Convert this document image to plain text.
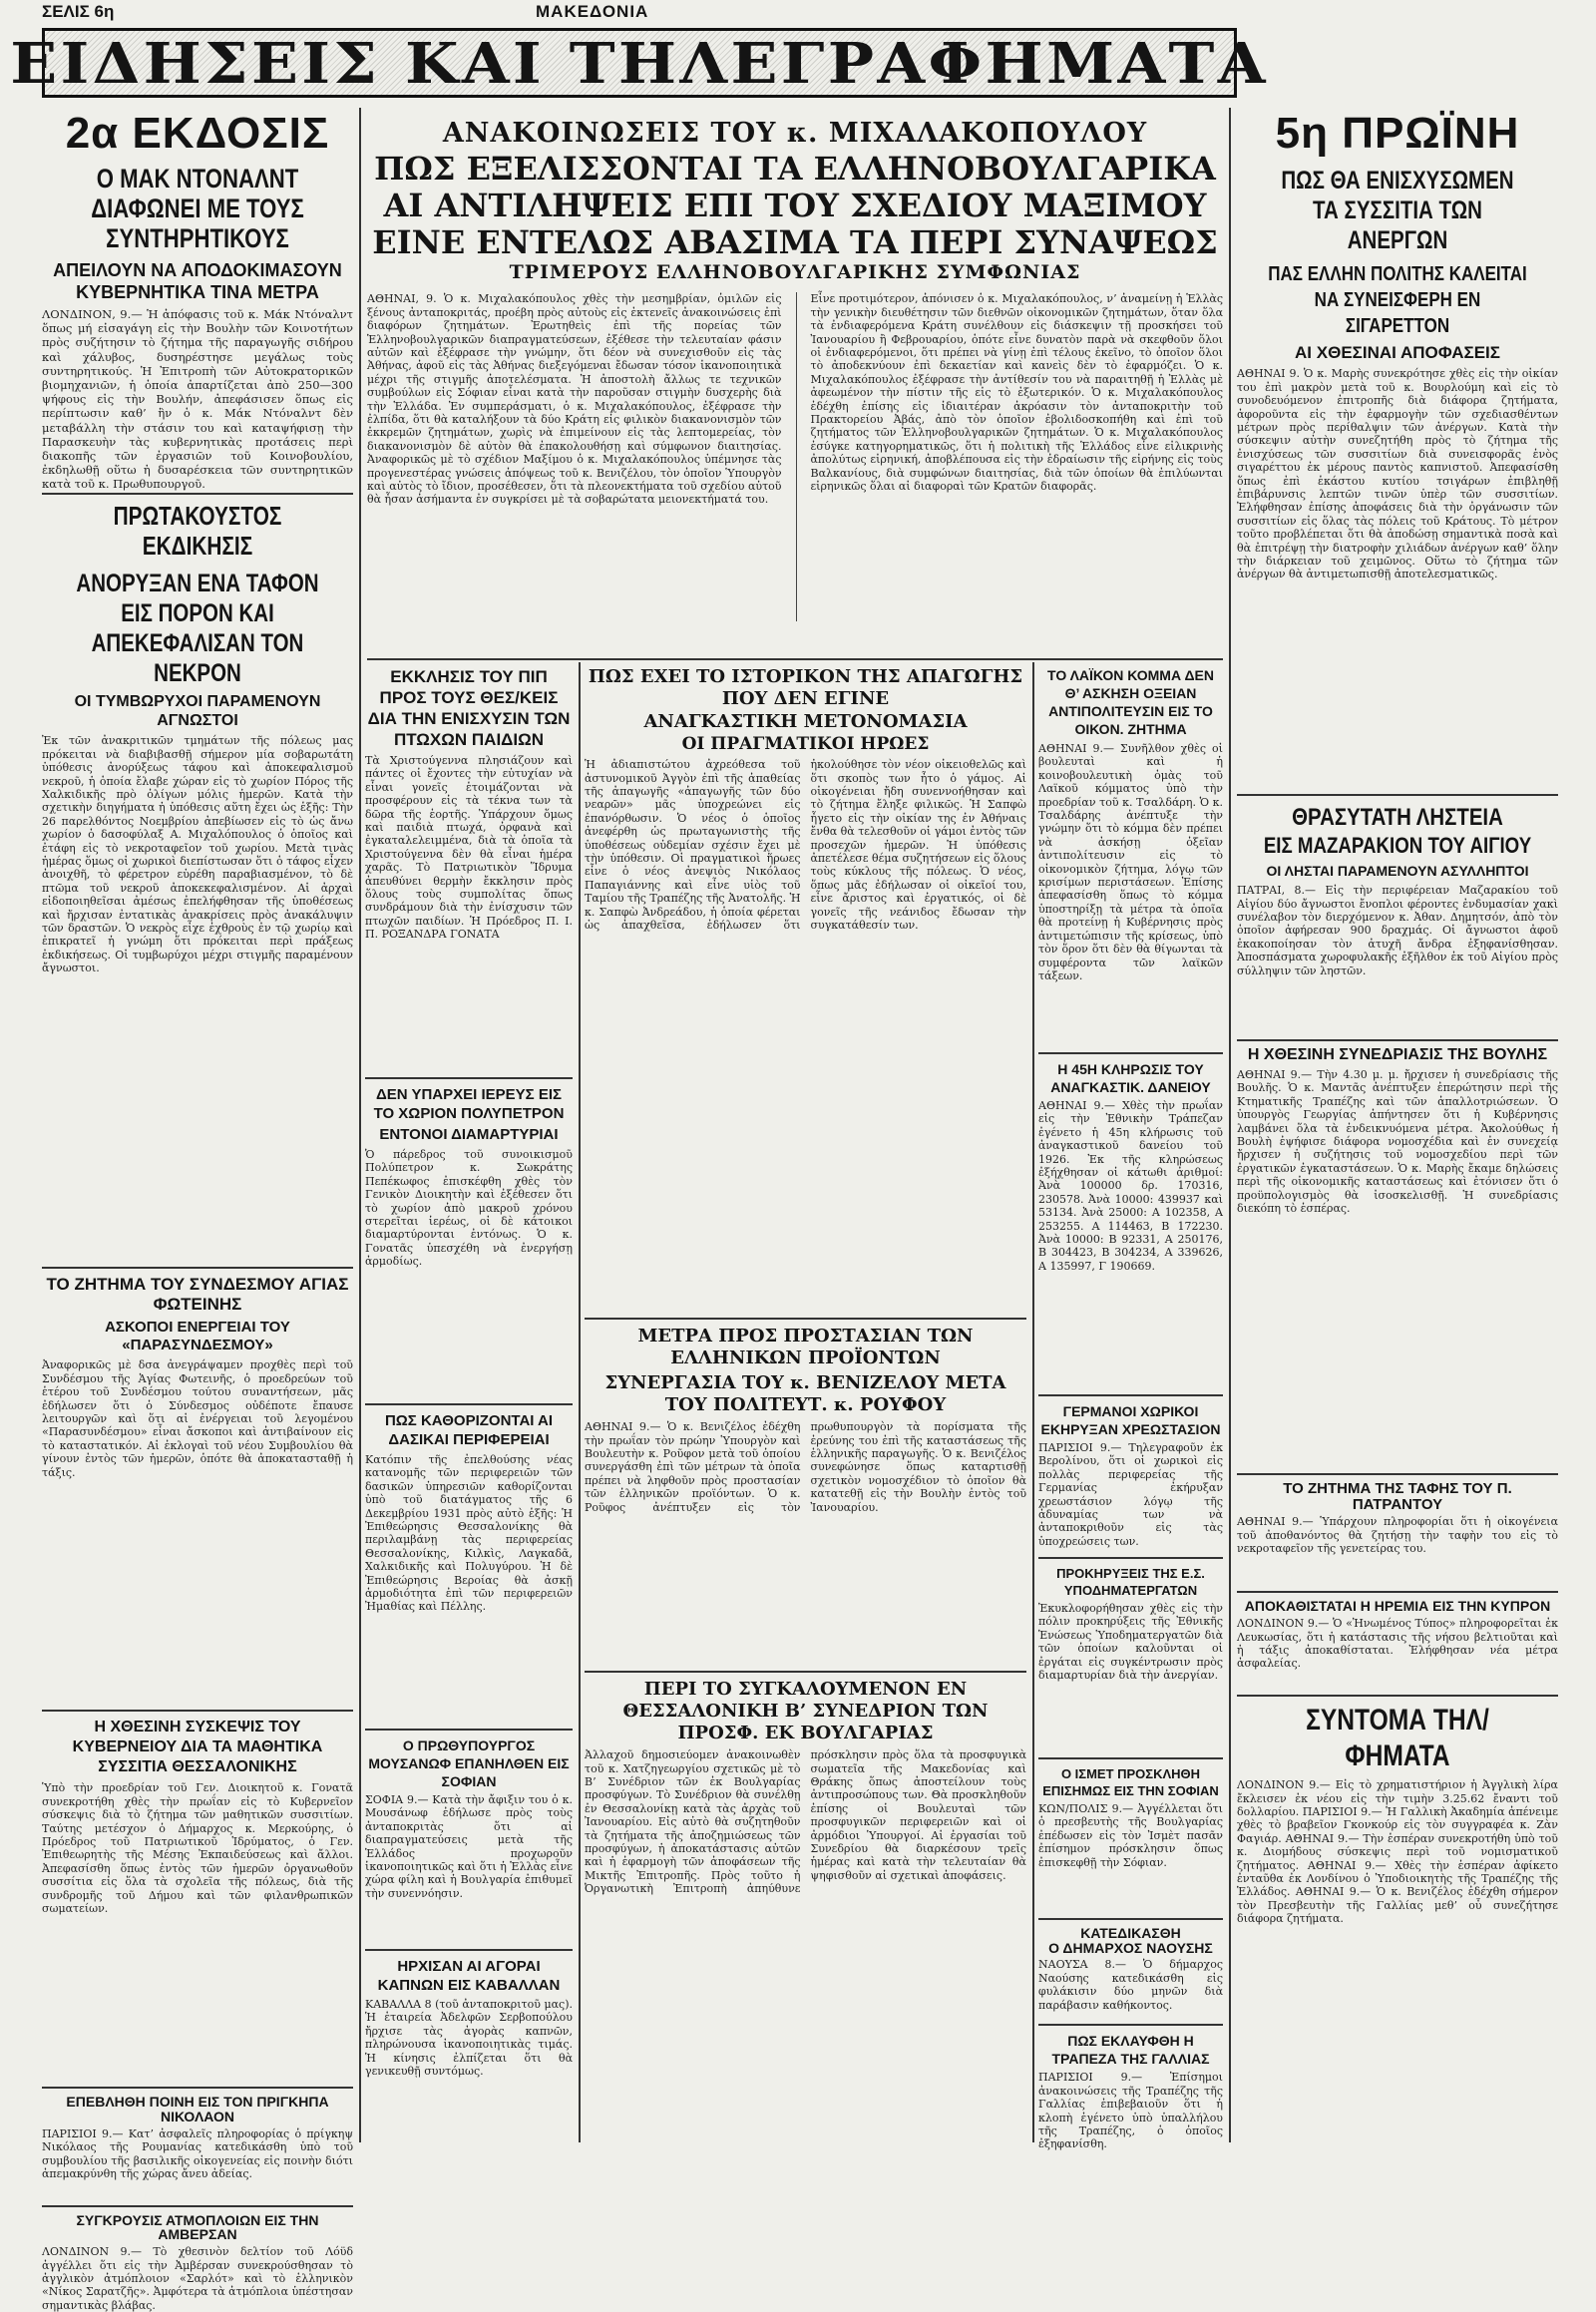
ΣΕΛΙΣ 6η	ΜΑΚΕΔΟΝΙΑ
ΕΙΔΗΣΕΙΣ ΚΑΙ ΤΗΛΕΓΡΑΦΗΜΑΤΑ
2α ΕΚΔΟΣΙΣ
Ο ΜΑΚ ΝΤΟΝΑΛΝΤ ΔΙΑΦΩΝΕΙ ΜΕ ΤΟΥΣ ΣΥΝΤΗΡΗΤΙΚΟΥΣ
ΑΠΕΙΛΟΥΝ ΝΑ ΑΠΟΔΟΚΙΜΑΣΟΥΝ ΚΥΒΕΡΝΗΤΙΚΑ ΤΙΝΑ ΜΕΤΡΑ
ΛΟΝΔΙΝΟΝ, 9.— Ἡ ἀπόφασις τοῦ κ. Μάκ Ντόναλντ ὅπως μή εἰσαγάγη εἰς τὴν Βουλὴν τῶν Κοινοτήτων πρὸς συζήτησιν τὸ ζήτημα τῆς παραγωγῆς σιδήρου καὶ χάλυβος, δυσηρέστησε μεγάλως τοὺς συντηρητικούς. Ἡ Ἐπιτροπὴ τῶν Αὐτοκρατορικῶν βιομηχανιῶν, ἡ ὁποία ἀπαρτίζεται ἀπὸ 250—300 ψήφους εἰς τὴν Βουλήν, ἀπεφάσισεν ὅπως εἰς περίπτωσιν καθ’ ἣν ὁ κ. Μάκ Ντόναλντ δὲν μεταβάλλη τὴν στάσιν του καὶ καταψήφισῃ τὴν Παρασκευὴν τὰς κυβερνητικὰς προτάσεις περὶ διακοπῆς τῶν ἐργασιῶν τοῦ Κοινοβουλίου, ἐκδηλωθῇ οὕτω ἡ δυσαρέσκεια τῶν συντηρητικῶν κατὰ τοῦ κ. Πρωθυπουργοῦ.
ΠΡΩΤΑΚΟΥΣΤΟΣ ΕΚΔΙΚΗΣΙΣ
ΑΝΟΡΥΞΑΝ ΕΝΑ ΤΑΦΟΝ ΕΙΣ ΠΟΡΟΝ ΚΑΙ ΑΠΕΚΕΦΑΛΙΣΑΝ ΤΟΝ ΝΕΚΡΟΝ
ΟΙ ΤΥΜΒΩΡΥΧΟΙ ΠΑΡΑΜΕΝΟΥΝ ΑΓΝΩΣΤΟΙ
Ἐκ τῶν ἀνακριτικῶν τμημάτων τῆς πόλεως μας πρόκειται νὰ διαβιβασθῇ σήμερον μία σοβαρωτάτη ὑπόθεσις ἀνορύξεως τάφου καὶ ἀποκεφαλισμοῦ νεκροῦ, ἡ ὁποία ἔλαβε χώραν εἰς τὸ χωρίον Πόρος τῆς Χαλκιδικῆς πρὸ ὀλίγων μόλις ἡμερῶν. Κατὰ τὴν σχετικὴν διηγήματα ἡ ὑπόθεσις αὕτη ἔχει ὡς ἑξῆς: Τὴν 26 παρελθόντος Νοεμβρίου ἀπεβίωσεν εἰς τὸ ὡς ἄνω χωρίον ὁ δασοφύλαξ Α. Μιχαλόπουλος ὁ ὁποῖος καὶ ἐτάφη εἰς τὸ νεκροταφεῖον τοῦ χωρίου. Μετὰ τινὰς ἡμέρας ὅμως οἱ χωρικοὶ διεπίστωσαν ὅτι ὁ τάφος εἶχεν ἀνοιχθῆ, τὸ φέρετρον εὑρέθη παραβιασμένον, τὸ δὲ πτῶμα τοῦ νεκροῦ ἀποκεκεφαλισμένον. Αἱ ἀρχαὶ εἰδοποιηθεῖσαι ἀμέσως ἐπελήφθησαν τῆς ὑποθέσεως καὶ ἤρχισαν ἐντατικὰς ἀνακρίσεις πρὸς ἀνακάλυψιν τῶν δραστῶν. Ὁ νεκρὸς εἶχε ἐχθροὺς ἐν τῷ χωρίῳ καὶ ἐπικρατεῖ ἡ γνώμη ὅτι πρόκειται περὶ πράξεως ἐκδικήσεως. Οἱ τυμβωρύχοι μέχρι στιγμῆς παραμένουν ἄγνωστοι.
ΤΟ ΖΗΤΗΜΑ ΤΟΥ ΣΥΝΔΕΣΜΟΥ ΑΓΙΑΣ ΦΩΤΕΙΝΗΣ
ΑΣΚΟΠΟΙ ΕΝΕΡΓΕΙΑΙ ΤΟΥ «ΠΑΡΑΣΥΝΔΕΣΜΟΥ»
Ἀναφορικῶς μὲ δσα ἀνεγράψαμεν προχθὲς περὶ τοῦ Συνδέσμου τῆς Ἁγίας Φωτεινῆς, ὁ προεδρεύων τοῦ ἑτέρου τοῦ Συνδέσμου τούτου συναντήσεων, μᾶς ἐδήλωσεν ὅτι ὁ Σύνδεσμος οὐδέποτε ἔπαυσε λειτουργῶν καὶ ὅτι αἱ ἐνέργειαι τοῦ λεγομένου «Παρασυνδέσμου» εἶναι ἄσκοποι καὶ ἀντιβαίνουν εἰς τὸ καταστατικόν. Αἱ ἐκλογαὶ τοῦ νέου Συμβουλίου θὰ γίνουν ἐντὸς τῶν ἡμερῶν, ὁπότε θὰ ἀποκατασταθῇ ἡ τάξις.
Η ΧΘΕΣΙΝΗ ΣΥΣΚΕΨΙΣ ΤΟΥ ΚΥΒΕΡΝΕΙΟΥ ΔΙΑ ΤΑ ΜΑΘΗΤΙΚΑ ΣΥΣΣΙΤΙΑ ΘΕΣΣΑΛΟΝΙΚΗΣ
Ὑπὸ τὴν προεδρίαν τοῦ Γεν. Διοικητοῦ κ. Γονατᾶ συνεκροτήθη χθὲς τὴν πρωΐαν εἰς τὸ Κυβερνεῖον σύσκεψις διὰ τὸ ζήτημα τῶν μαθητικῶν συσσιτίων. Ταύτης μετέσχον ὁ Δήμαρχος κ. Μερκούρης, ὁ Πρόεδρος τοῦ Πατριωτικοῦ Ἱδρύματος, ὁ Γεν. Ἐπιθεωρητὴς τῆς Μέσης Ἐκπαιδεύσεως καὶ ἄλλοι. Ἀπεφασίσθη ὅπως ἐντὸς τῶν ἡμερῶν ὀργανωθοῦν συσσίτια εἰς ὅλα τὰ σχολεῖα τῆς πόλεως, διὰ τῆς συνδρομῆς τοῦ Δήμου καὶ τῶν φιλανθρωπικῶν σωματείων.
ΕΠΕΒΛΗΘΗ ΠΟΙΝΗ ΕΙΣ ΤΟΝ ΠΡΙΓΚΗΠΑ ΝΙΚΟΛΑΟΝ
ΠΑΡΙΣΙΟΙ 9.— Κατ’ ἀσφαλεῖς πληροφορίας ὁ πρίγκηψ Νικόλαος τῆς Ρουμανίας κατεδικάσθη ὑπὸ τοῦ συμβουλίου τῆς βασιλικῆς οἰκογενείας εἰς ποινὴν διότι ἀπεμακρύνθη τῆς χώρας ἄνευ ἀδείας.
ΣΥΓΚΡΟΥΣΙΣ ΑΤΜΟΠΛΟΙΩΝ ΕΙΣ ΤΗΝ ΑΜΒΕΡΣΑΝ
ΛΟΝΔΙΝΟΝ 9.— Τὸ χθεσινὸν δελτίον τοῦ Λόϋδ ἀγγέλλει ὅτι εἰς τὴν Ἀμβέρσαν συνεκρούσθησαν τὸ ἀγγλικὸν ἀτμόπλοιον «Σαρλότ» καὶ τὸ ἑλληνικὸν «Νίκος Σαρατζῆς». Ἀμφότερα τὰ ἀτμόπλοια ὑπέστησαν σημαντικὰς βλάβας.
ΑΝΑΚΟΙΝΩΣΕΙΣ ΤΟΥ κ. ΜΙΧΑΛΑΚΟΠΟΥΛΟΥ
ΠΩΣ ΕΞΕΛΙΣΣΟΝΤΑΙ ΤΑ ΕΛΛΗΝΟΒΟΥΛΓΑΡΙΚΑ
ΑΙ ΑΝΤΙΛΗΨΕΙΣ ΕΠΙ ΤΟΥ ΣΧΕΔΙΟΥ ΜΑΞΙΜΟΥ
ΕΙΝΕ ΕΝΤΕΛΩΣ ΑΒΑΣΙΜΑ ΤΑ ΠΕΡΙ ΣΥΝΑΨΕΩΣ
ΤΡΙΜΕΡΟΥΣ ΕΛΛΗΝΟΒΟΥΛΓΑΡΙΚΗΣ ΣΥΜΦΩΝΙΑΣ
ΑΘΗΝΑΙ, 9. Ὁ κ. Μιχαλακόπουλος χθὲς τὴν μεσημβρίαν, ὁμιλῶν εἰς ξένους ἀνταποκριτάς, προέβη πρὸς αὐτοὺς εἰς ἐκτενεῖς ἀνακοινώσεις ἐπὶ διαφόρων ζητημάτων. Ἐρωτηθεὶς ἐπὶ τῆς πορείας τῶν Ἑλληνοβουλγαρικῶν διαπραγματεύσεων, ἐξέθεσε τὴν τελευταίαν φάσιν αὐτῶν καὶ ἐξέφρασε τὴν γνώμην, ὅτι δέον νὰ συνεχισθοῦν εἰς τὰς Ἀθήνας, ἀφοῦ εἰς τὰς Ἀθήνας διεξεγόμεναι ἔδωσαν τόσον ἱκανοποιητικὰ μέχρι τῆς στιγμῆς ἀποτελέσματα. Ἡ ἀποστολὴ ἄλλως τε τεχνικῶν συμβούλων εἰς Σόφιαν εἶναι κατὰ τὴν παροῦσαν στιγμὴν δυσχερὴς διὰ τὴν Ἑλλάδα. Ἐν συμπεράσματι, ὁ κ. Μιχαλακόπουλος, ἐξέφρασε τὴν ἐλπίδα, ὅτι θὰ καταλήξουν τὰ δύο Κράτη εἰς φιλικὸν διακανονισμὸν τῶν ἐκκρεμῶν ζητημάτων, χωρὶς νὰ ἐπιμείνουν εἰς τὰς λεπτομερείας, τὸν διακανονισμὸν δὲ αὐτὸν θὰ ἐπακολουθήσῃ καὶ σύμφωνον διαιτησίας. Ἀναφορικῶς μὲ τὸ σχέδιον Μαξίμου ὁ κ. Μιχαλακόπουλος ὑπέμνησε τὰς προγενεστέρας γνώσεις ἀπόψεως τοῦ κ. Βενιζέλου, τὸν ὁποῖον Ὑπουργὸν καὶ αὐτὸς τὸ ἴδιον, προσέθεσεν, ὅτι τὰ πλεονεκτήματα τοῦ σχεδίου αὐτοῦ θὰ ἦσαν ἀσήμαντα ἐν συγκρίσει μὲ τὰ σοβαρώτατα μειονεκτήματά του.
Εἶνε προτιμότερον, ἀπόνισεν ὁ κ. Μιχαλακόπουλος, ν’ ἀναμείνῃ ἡ Ἑλλὰς τὴν γενικὴν διευθέτησιν τῶν διεθνῶν οἰκονομικῶν ζητημάτων, ὅταν ὅλα τὰ ἐνδιαφερόμενα Κράτη συνέλθουν εἰς διάσκεψιν τῇ προσκήσει τοῦ Ἰανουαρίου ἢ Φεβρουαρίου, ὁπότε εἶνε δυνατὸν παρὰ νὰ σκεφθοῦν ὅλοι οἱ ἐνδιαφερόμενοι, ὅτι πρέπει νὰ γίνῃ ἐπὶ τέλους ἐκεῖνο, τὸ ὁποῖον ὅλοι τὸ ἀποδεκνύουν ἐπὶ δεκαετίαν καὶ κανεὶς δὲν τὸ ἐφαρμόζει. Ὁ κ. Μιχαλακόπουλος ἐξέφρασε τὴν ἀντίθεσίν του νὰ παραιτηθῇ ἡ Ἑλλὰς μὲ ἀφεωμένον τὴν πίστιν τῆς εἰς τὸ ἐξωτερικόν. Ὁ κ. Μιχαλακόπουλος ἐδέχθη ἐπίσης εἰς ἰδιαιτέραν ἀκρόασιν τὸν ἀνταποκριτὴν τοῦ Πρακτορείου Ἀβάς, ἀπὸ τὸν ὁποῖον ἐβολιδοσκοπήθη καὶ ἐπὶ τοῦ ζητήματος τῶν Ἑλληνοβουλγαρικῶν ζητημάτων. Ὁ κ. Μιχαλακόπουλος ἐσύγκε κατηγορηματικῶς, ὅτι ἡ πολιτικὴ τῆς Ἑλλάδος εἶνε εἰλικρινὴς ἀπολύτως εἰρηνική, ἀποβλέπουσα εἰς τὴν ἐδραίωσιν τῆς εἰρήνης εἰς τοὺς Βαλκανίους, διὰ συμφώνων διαιτησίας, διὰ τῶν ὁποίων θὰ ἐπιλύωνται εἰρηνικῶς ὅλαι αἱ διαφοραὶ τῶν Κρατῶν διαφορᾶς.
ΕΚΚΛΗΣΙΣ ΤΟΥ ΠΙΠ ΠΡΟΣ ΤΟΥΣ ΘΕΣ/ΚΕΙΣ ΔΙΑ ΤΗΝ ΕΝΙΣΧΥΣΙΝ ΤΩΝ ΠΤΩΧΩΝ ΠΑΙΔΙΩΝ
Τὰ Χριστούγεννα πλησιάζουν καὶ πάντες οἱ ἔχοντες τὴν εὐτυχίαν νὰ εἶναι γονεῖς ἑτοιμάζονται νὰ προσφέρουν εἰς τὰ τέκνα των τὰ δῶρα τῆς ἑορτῆς. Ὑπάρχουν ὅμως καὶ παιδιὰ πτωχά, ὀρφανὰ καὶ ἐγκαταλελειμμένα, διὰ τὰ ὁποῖα τὰ Χριστούγεννα δὲν θὰ εἶναι ἡμέρα χαρᾶς. Τὸ Πατριωτικὸν Ἵδρυμα ἀπευθύνει θερμὴν ἔκκλησιν πρὸς ὅλους τοὺς συμπολίτας ὅπως συνδράμουν διὰ τὴν ἐνίσχυσιν τῶν πτωχῶν παιδίων. Ἡ Πρόεδρος Π. Ι. Π. ΡΟΞΑΝΔΡΑ ΓΟΝΑΤΑ
ΔΕΝ ΥΠΑΡΧΕΙ ΙΕΡΕΥΣ ΕΙΣ ΤΟ ΧΩΡΙΟΝ ΠΟΛΥΠΕΤΡΟΝ
ΕΝΤΟΝΟΙ ΔΙΑΜΑΡΤΥΡΙΑΙ
Ὁ πάρεδρος τοῦ συνοικισμοῦ Πολύπετρον κ. Σωκράτης Πεπέκωφος ἐπισκέφθη χθὲς τὸν Γενικὸν Διοικητὴν καὶ ἐξέθεσεν ὅτι τὸ χωρίον ἀπὸ μακροῦ χρόνου στερεῖται ἱερέως, οἱ δὲ κάτοικοι διαμαρτύρονται ἐντόνως. Ὁ κ. Γονατᾶς ὑπεσχέθη νὰ ἐνεργήσῃ ἀρμοδίως.
ΠΩΣ ΚΑΘΟΡΙΖΟΝΤΑΙ ΑΙ ΔΑΣΙΚΑΙ ΠΕΡΙΦΕΡΕΙΑΙ
Κατόπιν τῆς ἐπελθούσης νέας κατανομῆς τῶν περιφερειῶν τῶν δασικῶν ὑπηρεσιῶν καθορίζονται ὑπὸ τοῦ διατάγματος τῆς 6 Δεκεμβρίου 1931 πρὸς αὐτὸ ἑξῆς: Ἡ Ἐπιθεώρησις Θεσσαλονίκης θὰ περιλαμβάνῃ τὰς περιφερείας Θεσσαλονίκης, Κιλκὶς, Λαγκαδᾶ, Χαλκιδικῆς καὶ Πολυγύρου. Ἡ δὲ Ἐπιθεώρησις Βεροίας θὰ ἀσκῇ ἁρμοδιότητα ἐπὶ τῶν περιφερειῶν Ἠμαθίας καὶ Πέλλης.
Ο ΠΡΩΘΥΠΟΥΡΓΟΣ ΜΟΥΣΑΝΩΦ ΕΠΑΝΗΛΘΕΝ ΕΙΣ ΣΟΦΙΑΝ
ΣΟΦΙΑ 9.— Κατὰ τὴν ἄφιξιν του ὁ κ. Μουσάνωφ ἐδήλωσε πρὸς τοὺς ἀνταποκριτὰς ὅτι αἱ διαπραγματεύσεις μετὰ τῆς Ἑλλάδος προχωροῦν ἱκανοποιητικῶς καὶ ὅτι ἡ Ἑλλὰς εἶνε χώρα φίλη καὶ ἡ Βουλγαρία ἐπιθυμεῖ τὴν συνεννόησιν.
ΗΡΧΙΣΑΝ ΑΙ ΑΓΟΡΑΙ ΚΑΠΝΩΝ ΕΙΣ ΚΑΒΑΛΛΑΝ
ΚΑΒΑΛΛΑ 8 (τοῦ ἀνταποκριτοῦ μας). Ἡ ἑταιρεία Ἀδελφῶν Σερβοπούλου ἤρχισε τὰς ἀγορὰς καπνῶν, πληρώνουσα ἱκανοποιητικὰς τιμάς. Ἡ κίνησις ἐλπίζεται ὅτι θὰ γενικευθῇ συντόμως.
ΠΩΣ ΕΧΕΙ ΤΟ ΙΣΤΟΡΙΚΟΝ ΤΗΣ ΑΠΑΓΩΓΗΣ ΠΟΥ ΔΕΝ ΕΓΙΝΕ
ΑΝΑΓΚΑΣΤΙΚΗ ΜΕΤΟΝΟΜΑΣΙΑ
ΟΙ ΠΡΑΓΜΑΤΙΚΟΙ ΗΡΩΕΣ
Ἡ ἀδιαπιστώτου ἀχρεόθεσα τοῦ ἀστυνομικοῦ Ἀγγὸν ἐπὶ τῆς ἀπαθείας τῆς ἀπαγωγῆς «ἀπαγωγῆς τῶν δύο νεαρῶν» μᾶς ὑποχρεώνει εἰς ἐπανόρθωσιν. Ὁ νέος ὁ ὁποῖος ἀνεφέρθη ὡς πρωταγωνιστὴς τῆς ὑποθέσεως οὐδεμίαν σχέσιν ἔχει μὲ τὴν ὑπόθεσιν. Οἱ πραγματικοὶ ἥρωες εἶνε ὁ νέος ἀνεψιὸς Νικόλαος Παπαγιάννης καὶ εἶνε υἱὸς τοῦ Ταμίου τῆς Τραπέζης τῆς Ἀνατολῆς. Ἡ κ. Σαπφὼ Ἀνδρεάδου, ἡ ὁποία φέρεται ὡς ἀπαχθεῖσα, ἐδήλωσεν ὅτι ἠκολούθησε τὸν νέον οἰκειοθελῶς καὶ ὅτι σκοπὸς των ἦτο ὁ γάμος. Αἱ οἰκογένειαι ἤδη συνεννοήθησαν καὶ τὸ ζήτημα ἔληξε φιλικῶς. Ἡ Σαπφὼ ἦγετο εἰς τὴν οἰκίαν της ἐν Ἀθήναις ἔνθα θὰ τελεσθοῦν οἱ γάμοι ἐντὸς τῶν προσεχῶν ἡμερῶν. Ἡ ὑπόθεσις ἀπετέλεσε θέμα συζητήσεων εἰς ὅλους τοὺς κύκλους τῆς πόλεως. Ὁ νέος, ὅπως μᾶς ἐδήλωσαν οἱ οἰκεῖοί του, εἶνε ἄριστος καὶ ἐργατικός, οἱ δὲ γονεῖς τῆς νεάνιδος ἔδωσαν τὴν συγκατάθεσίν των.
ΜΕΤΡΑ ΠΡΟΣ ΠΡΟΣΤΑΣΙΑΝ ΤΩΝ ΕΛΛΗΝΙΚΩΝ ΠΡΟΪΟΝΤΩΝ
ΣΥΝΕΡΓΑΣΙΑ ΤΟΥ κ. ΒΕΝΙΖΕΛΟΥ ΜΕΤΑ ΤΟΥ ΠΟΛΙΤΕΥΤ. κ. ΡΟΥΦΟΥ
ΑΘΗΝΑΙ 9.— Ὁ κ. Βενιζέλος ἐδέχθη τὴν πρωΐαν τὸν πρώην Ὑπουργὸν καὶ Βουλευτὴν κ. Ροῦφον μετὰ τοῦ ὁποίου συνεργάσθη ἐπὶ τῶν μέτρων τὰ ὁποῖα πρέπει νὰ ληφθοῦν πρὸς προστασίαν τῶν ἑλληνικῶν προϊόντων. Ὁ κ. Ροῦφος ἀνέπτυξεν εἰς τὸν πρωθυπουργὸν τὰ πορίσματα τῆς ἐρεύνης του ἐπὶ τῆς καταστάσεως τῆς ἑλληνικῆς παραγωγῆς. Ὁ κ. Βενιζέλος συνεφώνησε ὅπως καταρτισθῇ σχετικὸν νομοσχέδιον τὸ ὁποῖον θὰ κατατεθῇ εἰς τὴν Βουλὴν ἐντὸς τοῦ Ἰανουαρίου.
ΠΕΡΙ ΤΟ ΣΥΓΚΑΛΟΥΜΕΝΟΝ ΕΝ ΘΕΣΣΑΛΟΝΙΚΗ Β’ ΣΥΝΕΔΡΙΟΝ ΤΩΝ ΠΡΟΣΦ. ΕΚ ΒΟΥΛΓΑΡΙΑΣ
Ἀλλαχοῦ δημοσιεύομεν ἀνακοινωθὲν τοῦ κ. Χατζηγεωργίου σχετικῶς μὲ τὸ Β’ Συνέδριον τῶν ἐκ Βουλγαρίας προσφύγων. Τὸ Συνέδριον θὰ συνέλθῃ ἐν Θεσσαλονίκῃ κατὰ τὰς ἀρχὰς τοῦ Ἰανουαρίου. Εἰς αὐτὸ θὰ συζητηθοῦν τὰ ζητήματα τῆς ἀποζημιώσεως τῶν προσφύγων, ἡ ἀποκατάστασις αὐτῶν καὶ ἡ ἐφαρμογὴ τῶν ἀποφάσεων τῆς Μικτῆς Ἐπιτροπῆς. Πρὸς τοῦτο ἡ Ὀργανωτικὴ Ἐπιτροπὴ ἀπηύθυνε πρόσκλησιν πρὸς ὅλα τὰ προσφυγικὰ σωματεῖα τῆς Μακεδονίας καὶ Θράκης ὅπως ἀποστείλουν τοὺς ἀντιπροσώπους των. Θὰ προσκληθοῦν ἐπίσης οἱ Βουλευταὶ τῶν προσφυγικῶν περιφερειῶν καὶ οἱ ἀρμόδιοι Ὑπουργοί. Αἱ ἐργασίαι τοῦ Συνεδρίου θὰ διαρκέσουν τρεῖς ἡμέρας καὶ κατὰ τὴν τελευταίαν θὰ ψηφισθοῦν αἱ σχετικαὶ ἀποφάσεις.
ΤΟ ΛΑΪΚΟΝ ΚΟΜΜΑ ΔΕΝ Θ’ ΑΣΚΗΣΗ ΟΞΕΙΑΝ ΑΝΤΙΠΟΛΙΤΕΥΣΙΝ ΕΙΣ ΤΟ ΟΙΚΟΝ. ΖΗΤΗΜΑ
ΑΘΗΝΑΙ 9.— Συνῆλθον χθὲς οἱ βουλευταὶ καὶ ἡ κοινοβουλευτικὴ ὁμὰς τοῦ Λαϊκοῦ κόμματος ὑπὸ τὴν προεδρίαν τοῦ κ. Τσαλδάρη. Ὁ κ. Τσαλδάρης ἀνέπτυξε τὴν γνώμην ὅτι τὸ κόμμα δὲν πρέπει νὰ ἀσκήσῃ ὀξεῖαν ἀντιπολίτευσιν εἰς τὸ οἰκονομικὸν ζήτημα, λόγῳ τῶν κρισίμων περιστάσεων. Ἐπίσης ἀπεφασίσθη ὅπως τὸ κόμμα ὑποστηρίξῃ τὰ μέτρα τὰ ὁποῖα θὰ προτείνῃ ἡ Κυβέρνησις πρὸς ἀντιμετώπισιν τῆς κρίσεως, ὑπὸ τὸν ὅρον ὅτι δὲν θὰ θίγωνται τὰ συμφέροντα τῶν λαϊκῶν τάξεων.
Η 45Η ΚΛΗΡΩΣΙΣ ΤΟΥ ΑΝΑΓΚΑΣΤΙΚ. ΔΑΝΕΙΟΥ
ΑΘΗΝΑΙ 9.— Χθὲς τὴν πρωΐαν εἰς τὴν Ἐθνικὴν Τράπεζαν ἐγένετο ἡ 45η κλήρωσις τοῦ ἀναγκαστικοῦ δανείου τοῦ 1926. Ἐκ τῆς κληρώσεως ἐξήχθησαν οἱ κάτωθι ἀριθμοί: Ἀνὰ 100000 δρ. 170316, 230578. Ἀνὰ 10000: 439937 καὶ 53134. Ἀνὰ 25000: Α 102358, Α 253255. Α 114463, Β 172230. Ἀνὰ 10000: Β 92331, Α 250176, Β 304423, Β 304234, Α 339626, Α 135997, Γ 190669.
ΓΕΡΜΑΝΟΙ ΧΩΡΙΚΟΙ ΕΚΗΡΥΞΑΝ ΧΡΕΩΣΤΑΣΙΟΝ
ΠΑΡΙΣΙΟΙ 9.— Τηλεγραφοῦν ἐκ Βερολίνου, ὅτι οἱ χωρικοὶ εἰς πολλὰς περιφερείας τῆς Γερμανίας ἐκήρυξαν χρεωστάσιον λόγῳ τῆς ἀδυναμίας των νὰ ἀνταποκριθοῦν εἰς τὰς ὑποχρεώσεις των.
ΠΡΟΚΗΡΥΞΕΙΣ ΤΗΣ Ε.Σ. ΥΠΟΔΗΜΑΤΕΡΓΑΤΩΝ
Ἐκυκλοφορήθησαν χθὲς εἰς τὴν πόλιν προκηρύξεις τῆς Ἐθνικῆς Ἑνώσεως Ὑποδηματεργατῶν διὰ τῶν ὁποίων καλοῦνται οἱ ἐργάται εἰς συγκέντρωσιν πρὸς διαμαρτυρίαν διὰ τὴν ἀνεργίαν.
Ο ΙΣΜΕΤ ΠΡΟΣΚΛΗΘΗ ΕΠΙΣΗΜΩΣ ΕΙΣ ΤΗΝ ΣΟΦΙΑΝ
ΚΩΝ/ΠΟΛΙΣ 9.— Ἀγγέλλεται ὅτι ὁ πρεσβευτὴς τῆς Βουλγαρίας ἐπέδωσεν εἰς τὸν Ἰσμὲτ πασᾶν ἐπίσημον πρόσκλησιν ὅπως ἐπισκεφθῇ τὴν Σόφιαν.
ΚΑΤΕΔΙΚΑΣΘΗ
Ο ΔΗΜΑΡΧΟΣ ΝΑΟΥΣΗΣ
ΝΑΟΥΣΑ 8.— Ὁ δήμαρχος Ναούσης κατεδικάσθη εἰς φυλάκισιν δύο μηνῶν διὰ παράβασιν καθήκοντος.
ΠΩΣ ΕΚΛΑΥΦΘΗ Η ΤΡΑΠΕΖΑ ΤΗΣ ΓΑΛΛΙΑΣ
ΠΑΡΙΣΙΟΙ 9.— Ἐπίσημοι ἀνακοινώσεις τῆς Τραπέζης τῆς Γαλλίας ἐπιβεβαιοῦν ὅτι ἡ κλοπὴ ἐγένετο ὑπὸ ὑπαλλήλου τῆς Τραπέζης, ὁ ὁποῖος ἐξηφανίσθη.
5η ΠΡΩΪΝΗ
ΠΩΣ ΘΑ ΕΝΙΣΧΥΣΩΜΕΝ ΤΑ ΣΥΣΣΙΤΙΑ ΤΩΝ ΑΝΕΡΓΩΝ
ΠΑΣ ΕΛΛΗΝ ΠΟΛΙΤΗΣ ΚΑΛΕΙΤΑΙ ΝΑ ΣΥΝΕΙΣΦΕΡΗ ΕΝ ΣΙΓΑΡΕΤΤΟΝ
ΑΙ ΧΘΕΣΙΝΑΙ ΑΠΟΦΑΣΕΙΣ
ΑΘΗΝΑΙ 9. Ὁ κ. Μαρὴς συνεκρότησε χθὲς εἰς τὴν οἰκίαν του ἐπὶ μακρὸν μετὰ τοῦ κ. Βουρλούμη καὶ εἰς τὸ συνοδευόμενον ἐπιτροπῆς διὰ διάφορα ζητήματα, ἀφοροῦντα εἰς τὴν ἐφαρμογὴν τῶν σχεδιασθέντων μέτρων πρὸς περίθαλψιν τῶν ἀνέργων. Κατὰ τὴν σύσκεψιν αὐτὴν συνεζητήθη πρὸς τὸ ζήτημα τῆς ἐνισχύσεως τῶν συσσιτίων διὰ συνεισφορᾶς ἑνὸς σιγαρέττου ἐκ μέρους παντὸς καπνιστοῦ. Ἀπεφασίσθη ὅπως ἐπὶ ἑκάστου κυτίου τσιγάρων ἐπιβληθῇ ἐπιβάρυνσις λεπτῶν τινῶν ὑπὲρ τῶν συσσιτίων. Ἐλήφθησαν ἐπίσης ἀποφάσεις διὰ τὴν ὀργάνωσιν τῶν συσσιτίων εἰς ὅλας τὰς πόλεις τοῦ Κράτους. Τὸ μέτρον τοῦτο προβλέπεται ὅτι θὰ ἀποδώσῃ σημαντικὰ ποσὰ καὶ θὰ ἐπιτρέψῃ τὴν διατροφὴν χιλιάδων ἀνέργων καθ’ ὅλην τὴν διάρκειαν τοῦ χειμῶνος. Οὕτω τὸ ζήτημα τῶν ἀνέργων θὰ ἀντιμετωπισθῇ ἀποτελεσματικῶς.
ΘΡΑΣΥΤΑΤΗ ΛΗΣΤΕΙΑ
ΕΙΣ ΜΑΖΑΡΑΚΙΟΝ ΤΟΥ ΑΙΓΙΟΥ
ΟΙ ΛΗΣΤΑΙ ΠΑΡΑΜΕΝΟΥΝ ΑΣΥΛΛΗΠΤΟΙ
ΠΑΤΡΑΙ, 8.— Εἰς τὴν περιφέρειαν Μαζαρακίου τοῦ Αἰγίου δύο ἄγνωστοι ἔνοπλοι φέροντες ἐνδυμασίαν χακὶ συνέλαβον τὸν διερχόμενον κ. Ἀθαν. Δημητσόν, ἀπὸ τὸν ὁποῖον ἀφήρεσαν 900 δραχμάς. Οἱ ἄγνωστοι ἀφοῦ ἐκακοποίησαν τὸν ἀτυχῆ ἄνδρα ἐξηφανίσθησαν. Ἀποσπάσματα χωροφυλακῆς ἐξῆλθον ἐκ τοῦ Αἰγίου πρὸς σύλληψιν τῶν ληστῶν.
Η ΧΘΕΣΙΝΗ ΣΥΝΕΔΡΙΑΣΙΣ ΤΗΣ ΒΟΥΛΗΣ
ΑΘΗΝΑΙ 9.— Τὴν 4.30 μ. μ. ἤρχισεν ἡ συνεδρίασις τῆς Βουλῆς. Ὁ κ. Μαντᾶς ἀνέπτυξεν ἐπερώτησιν περὶ τῆς Κτηματικῆς Τραπέζης καὶ τῶν ἀπαλλοτριώσεων. Ὁ ὑπουργὸς Γεωργίας ἀπήντησεν ὅτι ἡ Κυβέρνησις λαμβάνει ὅλα τὰ ἐνδεικνυόμενα μέτρα. Ἀκολούθως ἡ Βουλὴ ἐψήφισε διάφορα νομοσχέδια καὶ ἐν συνεχείᾳ ἤρχισεν ἡ συζήτησις τοῦ νομοσχεδίου περὶ τῶν ἐργατικῶν ἐγκαταστάσεων. Ὁ κ. Μαρὴς ἔκαμε δηλώσεις περὶ τῆς οἰκονομικῆς καταστάσεως καὶ ἐτόνισεν ὅτι ὁ προϋπολογισμὸς θὰ ἰσοσκελισθῇ. Ἡ συνεδρίασις διεκόπη τὸ ἑσπέρας.
ΤΟ ΖΗΤΗΜΑ ΤΗΣ ΤΑΦΗΣ ΤΟΥ Π. ΠΑΤΡΑΝΤΟΥ
ΑΘΗΝΑΙ 9.— Ὑπάρχουν πληροφορίαι ὅτι ἡ οἰκογένεια τοῦ ἀποθανόντος θὰ ζητήσῃ τὴν ταφὴν του εἰς τὸ νεκροταφεῖον τῆς γενετείρας του.
ΑΠΟΚΑΘΙΣΤΑΤΑΙ Η ΗΡΕΜΙΑ ΕΙΣ ΤΗΝ ΚΥΠΡΟΝ
ΛΟΝΔΙΝΟΝ 9.— Ὁ «Ἠνωμένος Τύπος» πληροφορεῖται ἐκ Λευκωσίας, ὅτι ἡ κατάστασις τῆς νήσου βελτιοῦται καὶ ἡ τάξις ἀποκαθίσταται. Ἐλήφθησαν νέα μέτρα ἀσφαλείας.
ΣΥΝΤΟΜΑ ΤΗΛ/ΦΗΜΑΤΑ
ΛΟΝΔΙΝΟΝ 9.— Εἰς τὸ χρηματιστήριον ἡ Ἀγγλικὴ λίρα ἔκλεισεν ἐκ νέου εἰς τὴν τιμὴν 3.25.62 ἔναντι τοῦ δολλαρίου. ΠΑΡΙΣΙΟΙ 9.— Ἡ Γαλλικὴ Ἀκαδημία ἀπένειμε χθὲς τὸ βραβεῖον Γκονκούρ εἰς τὸν συγγραφέα κ. Ζὰν Φαγιάρ. ΑΘΗΝΑΙ 9.— Τὴν ἑσπέραν συνεκροτήθη ὑπὸ τοῦ κ. Διομήδους σύσκεψις περὶ τοῦ νομισματικοῦ ζητήματος. ΑΘΗΝΑΙ 9.— Χθὲς τὴν ἑσπέραν ἀφίκετο ἐνταῦθα ἐκ Λονδίνου ὁ Ὑποδιοικητὴς τῆς Τραπέζης τῆς Ἑλλάδος. ΑΘΗΝΑΙ 9.— Ὁ κ. Βενιζέλος ἐδέχθη σήμερον τὸν Πρεσβευτὴν τῆς Γαλλίας μεθ’ οὗ συνεζήτησε διάφορα ζητήματα.
